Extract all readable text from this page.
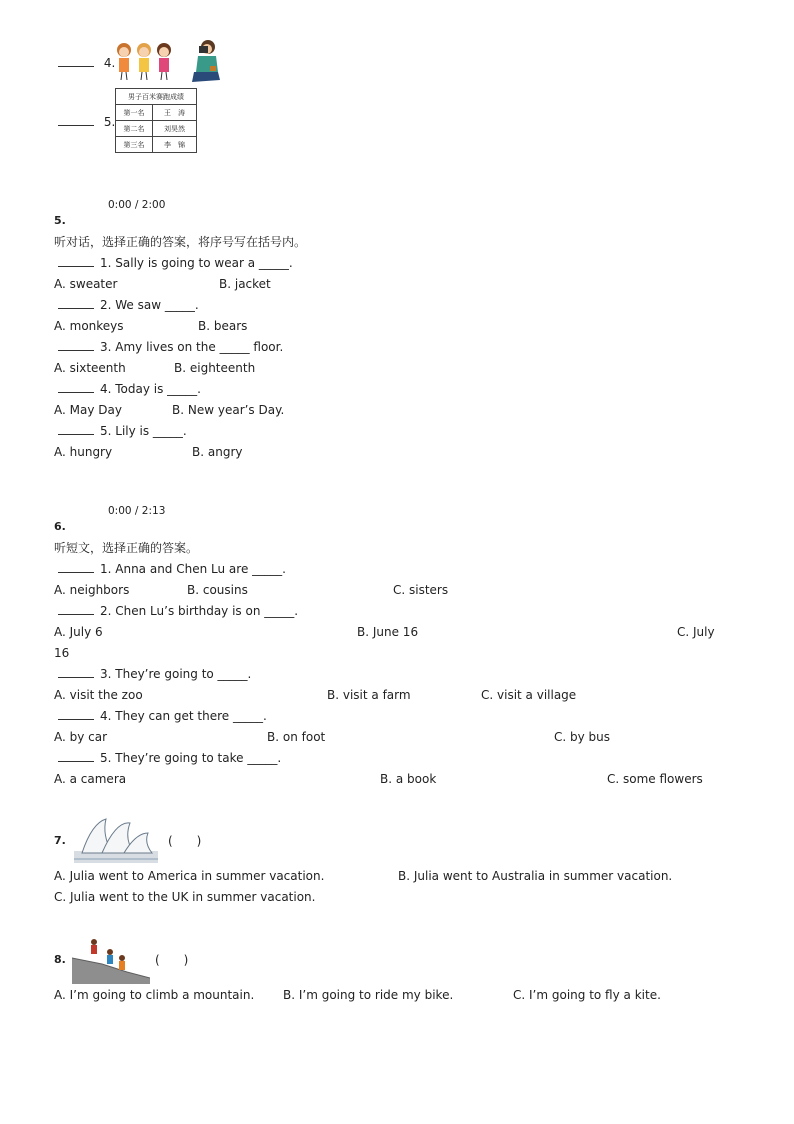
4.
5.
男子百米赛跑成绩	
第一名	王　涛
第二名	刘昊然
第三名	李　锦
0:00 / 2:00
5.
听对话，选择正确的答案，将序号写在括号内。
1. Sally is going to wear a _____.
A. sweater	B. jacket
2. We saw _____.
A. monkeys	B. bears
3. Amy lives on the _____ floor.
A. sixteenth	B. eighteenth
4. Today is _____.
A. May Day	B. New year’s Day.
5. Lily is _____.
A. hungry	B. angry
0:00 / 2:13
6.
听短文，选择正确的答案。
1. Anna and Chen Lu are _____.
A. neighbors	B. cousins	C. sisters
2. Chen Lu’s birthday is on _____.
A. July 6	B. June 16	C. July
16
3. They’re going to _____.
A. visit the zoo	B. visit a farm	C. visit a village
4. They can get there _____.
A. by car	B. on foot	C. by bus
5. They’re going to take _____.
A. a camera	B. a book	C. some flowers
7.	(　　)
A. Julia went to America in summer vacation.	B. Julia went to Australia in summer vacation.
C. Julia went to the UK in summer vacation.
8.	(　　)
A. I’m going to climb a mountain. B. I’m going to ride my bike.	C. I’m going to fly a kite.
